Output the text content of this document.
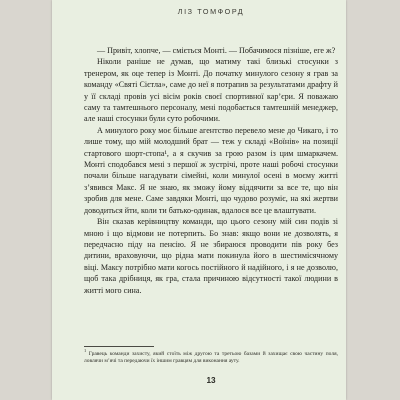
ЛІЗ ТОМФОРД

— Привіт, хлопче, — сміється Монті. — Побачимося пізніше, еге ж?

Ніколи раніше не думав, що матиму такі близькі стосунки з тренером, як оце тепер із Монті. До початку минулого сезону я грав за команду «Святі Сієтла», саме до неї я потрапив за результатами драфту й у її складі провів усі вісім років своєї спортивної кар’єри. Я поважаю саму та тамтешнього персоналу, мені подобається тамтешній менеджер, але наші стосунки були суто робочими.

А минулого року моє більше агентство перевело мене до Чикаго, і то лише тому, що мій молодший брат — теж у складі «Воїнів» на позиції стартового шорт-стопа¹, а я скучив за грою разом із цим шмаркачем. Монті сподобався мені з першої ж зустрічі, проте наші робочі стосунки почали більше нагадувати сімейні, коли минулої осені в моєму житті з’явився Макс. Я не знаю, як зможу йому віддячити за все те, що він зробив для мене. Саме завдяки Монті, що чудово розуміє, на які жертви доводиться йти, коли ти батько-одинак, вдалося все це влаштувати.

Він сказав керівництву команди, що цього сезону мій син подів зі мною і що відмови не потерпить. Бо знав: якщо вони не дозволять, я передчасно піду на пенсію. Я не збираюся проводити пів року без дитини, враховуючи, що рідна мати покинула його в шестимісячному віці. Максу потрібно мати когось постійного й надійного, і я не дозволю, щоб така дрібниця, як гра, стала причиною відсутності такої людини в житті мого сина.

$^1$ Гравець команди захисту, який стоїть між другою та третьою базами й захищає свою частину поля, ловлячи м’ячі та передаючи їх іншим гравцям для виконання ауту.
13
